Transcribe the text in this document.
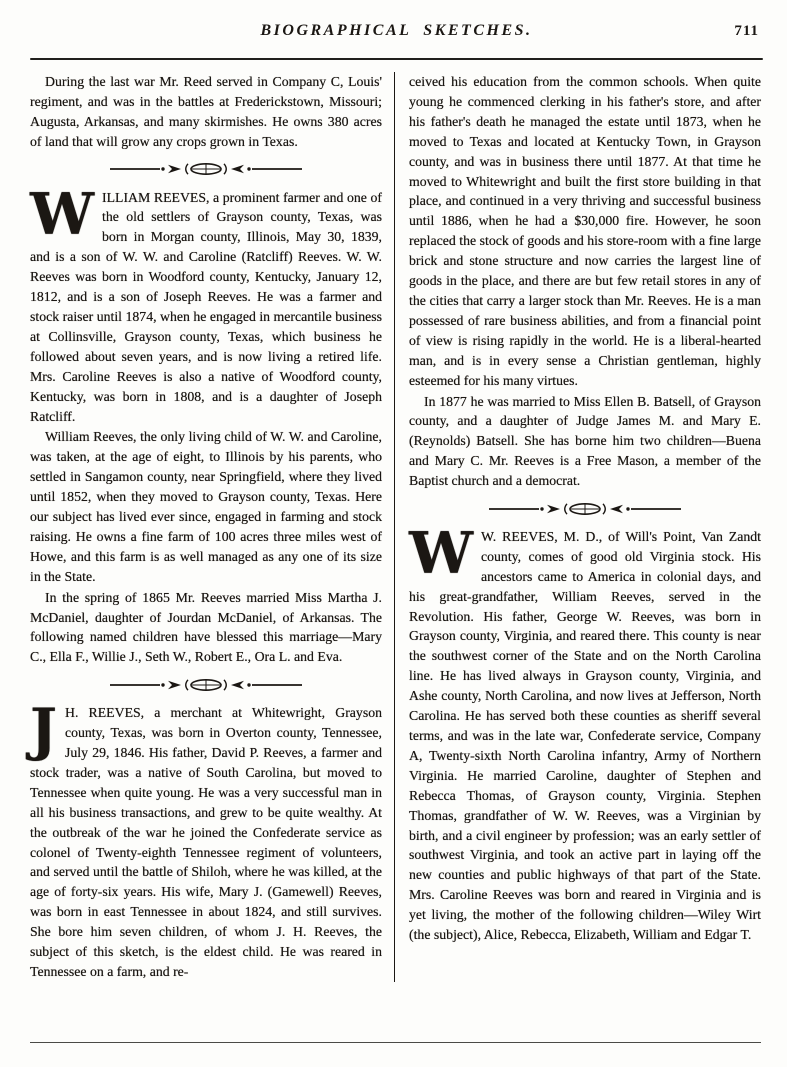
BIOGRAPHICAL SKETCHES.	711

During the last war Mr. Reed served in Company C, Louis' regiment, and was in the battles at Frederickstown, Missouri; Augusta, Arkansas, and many skirmishes. He owns 380 acres of land that will grow any crops grown in Texas.

WILLIAM REEVES, a prominent farmer and one of the old settlers of Grayson county, Texas, was born in Morgan county, Illinois, May 30, 1839, and is a son of W. W. and Caroline (Ratcliff) Reeves. W. W. Reeves was born in Woodford county, Kentucky, January 12, 1812, and is a son of Joseph Reeves. He was a farmer and stock raiser until 1874, when he engaged in mercantile business at Collinsville, Grayson county, Texas, which business he followed about seven years, and is now living a retired life. Mrs. Caroline Reeves is also a native of Woodford county, Kentucky, was born in 1808, and is a daughter of Joseph Ratcliff.

William Reeves, the only living child of W. W. and Caroline, was taken, at the age of eight, to Illinois by his parents, who settled in Sangamon county, near Springfield, where they lived until 1852, when they moved to Grayson county, Texas. Here our subject has lived ever since, engaged in farming and stock raising. He owns a fine farm of 100 acres three miles west of Howe, and this farm is as well managed as any one of its size in the State.

In the spring of 1865 Mr. Reeves married Miss Martha J. McDaniel, daughter of Jourdan McDaniel, of Arkansas. The following named children have blessed this marriage—Mary C., Ella F., Willie J., Seth W., Robert E., Ora L. and Eva.

J H. REEVES, a merchant at Whitewright, Grayson county, Texas, was born in Overton county, Tennessee, July 29, 1846. His father, David P. Reeves, a farmer and stock trader, was a native of South Carolina, but moved to Tennessee when quite young. He was a very successful man in all his business transactions, and grew to be quite wealthy. At the outbreak of the war he joined the Confederate service as colonel of Twenty-eighth Tennessee regiment of volunteers, and served until the battle of Shiloh, where he was killed, at the age of forty-six years. His wife, Mary J. (Gamewell) Reeves, was born in east Tennessee in about 1824, and still survives. She bore him seven children, of whom J. H. Reeves, the subject of this sketch, is the eldest child. He was reared in Tennessee on a farm, and re-

ceived his education from the common schools. When quite young he commenced clerking in his father's store, and after his father's death he managed the estate until 1873, when he moved to Texas and located at Kentucky Town, in Grayson county, and was in business there until 1877. At that time he moved to Whitewright and built the first store building in that place, and continued in a very thriving and successful business until 1886, when he had a $30,000 fire. However, he soon replaced the stock of goods and his store-room with a fine large brick and stone structure and now carries the largest line of goods in the place, and there are but few retail stores in any of the cities that carry a larger stock than Mr. Reeves. He is a man possessed of rare business abilities, and from a financial point of view is rising rapidly in the world. He is a liberal-hearted man, and is in every sense a Christian gentleman, highly esteemed for his many virtues.

In 1877 he was married to Miss Ellen B. Batsell, of Grayson county, and a daughter of Judge James M. and Mary E. (Reynolds) Batsell. She has borne him two children—Buena and Mary C. Mr. Reeves is a Free Mason, a member of the Baptist church and a democrat.

W W. REEVES, M. D., of Will's Point, Van Zandt county, comes of good old Virginia stock. His ancestors came to America in colonial days, and his great-grandfather, William Reeves, served in the Revolution. His father, George W. Reeves, was born in Grayson county, Virginia, and reared there. This county is near the southwest corner of the State and on the North Carolina line. He has lived always in Grayson county, Virginia, and Ashe county, North Carolina, and now lives at Jefferson, North Carolina. He has served both these counties as sheriff several terms, and was in the late war, Confederate service, Company A, Twenty-sixth North Carolina infantry, Army of Northern Virginia. He married Caroline, daughter of Stephen and Rebecca Thomas, of Grayson county, Virginia. Stephen Thomas, grandfather of W. W. Reeves, was a Virginian by birth, and a civil engineer by profession; was an early settler of southwest Virginia, and took an active part in laying off the new counties and public highways of that part of the State. Mrs. Caroline Reeves was born and reared in Virginia and is yet living, the mother of the following children—Wiley Wirt (the subject), Alice, Rebecca, Elizabeth, William and Edgar T.
